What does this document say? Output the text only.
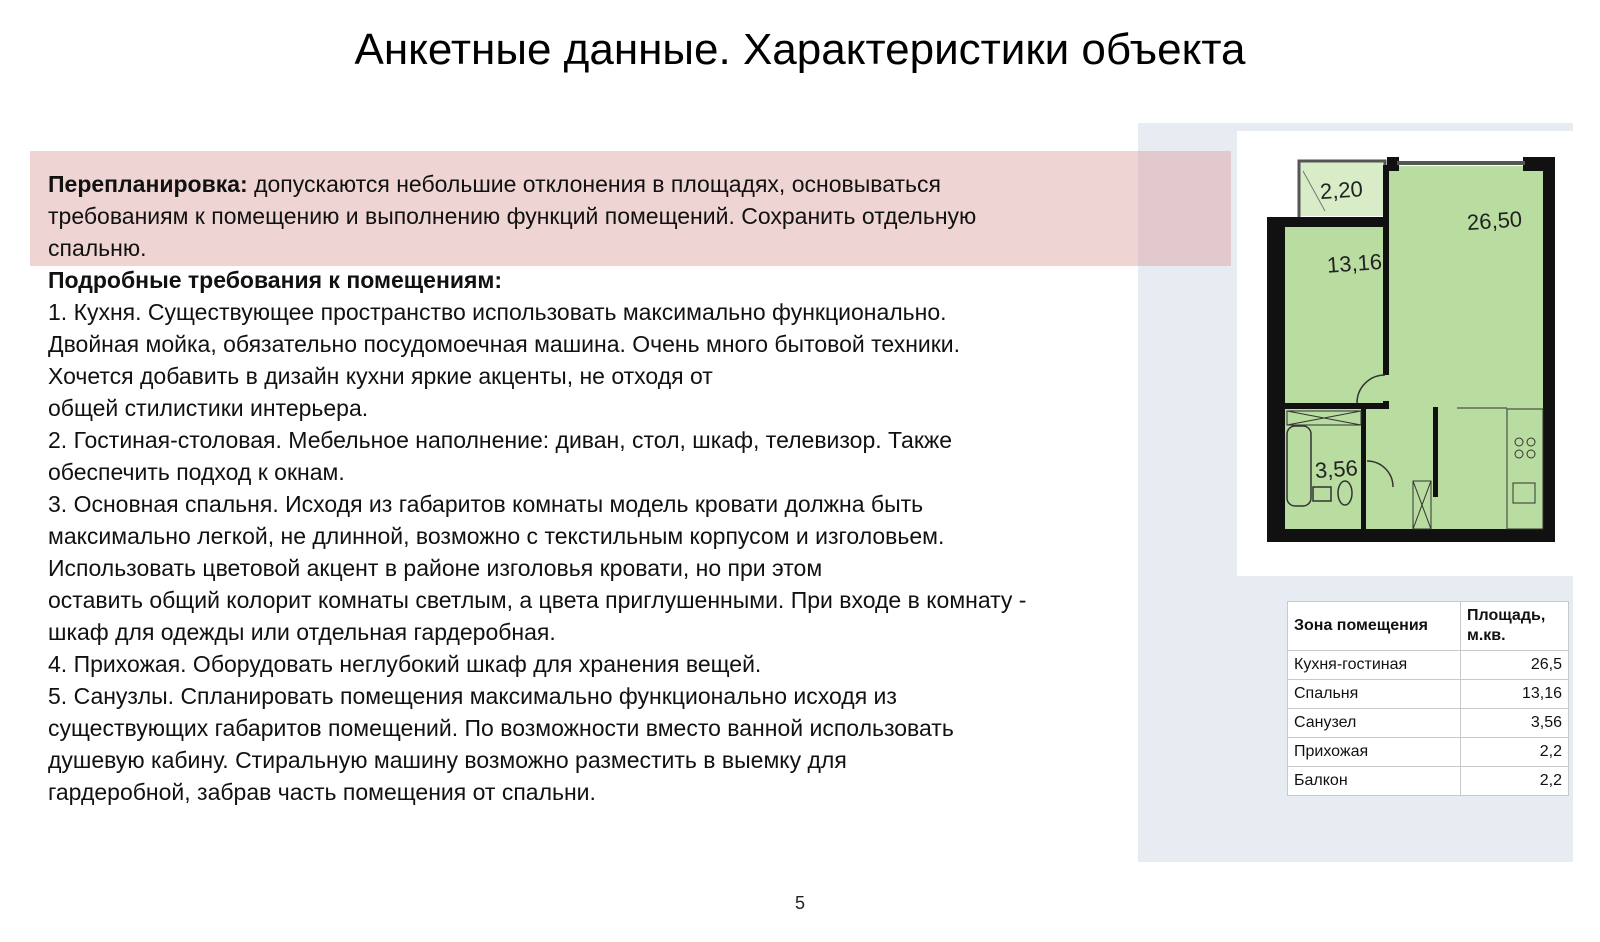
Анкетные данные. Характеристики объекта
2,20
26,50
13,16
3,56

Перепланировка: допускаются небольшие отклонения в площадях, основываться

требованиям к помещению и выполнению функций помещений. Сохранить отдельную

спальню.

Подробные требования к помещениям:

1. Кухня. Существующее пространство использовать максимально функционально.

Двойная мойка, обязательно посудомоечная машина. Очень много бытовой техники.

Хочется добавить в дизайн кухни яркие акценты, не отходя от

общей стилистики интерьера.

2. Гостиная-столовая. Мебельное наполнение: диван, стол, шкаф, телевизор. Также

обеспечить подход к окнам.

3. Основная спальня. Исходя из габаритов комнаты модель кровати должна быть

максимально легкой, не длинной, возможно с текстильным корпусом и изголовьем.

Использовать цветовой акцент в районе изголовья кровати, но при этом

оставить общий колорит комнаты светлым, а цвета приглушенными. При входе в комнату -

шкаф для одежды или отдельная гардеробная.

4. Прихожая. Оборудовать неглубокий шкаф для хранения вещей.

5. Санузлы. Спланировать помещения максимально функционально исходя из

существующих габаритов помещений. По возможности вместо ванной использовать

душевую кабину. Стиральную машину возможно разместить в выемку для

гардеробной, забрав часть помещения от спальни.

Зона помещения	Площадь, м.кв.
Кухня-гостиная	26,5
Спальня	13,16
Санузел	3,56
Прихожая	2,2
Балкон	2,2
5
